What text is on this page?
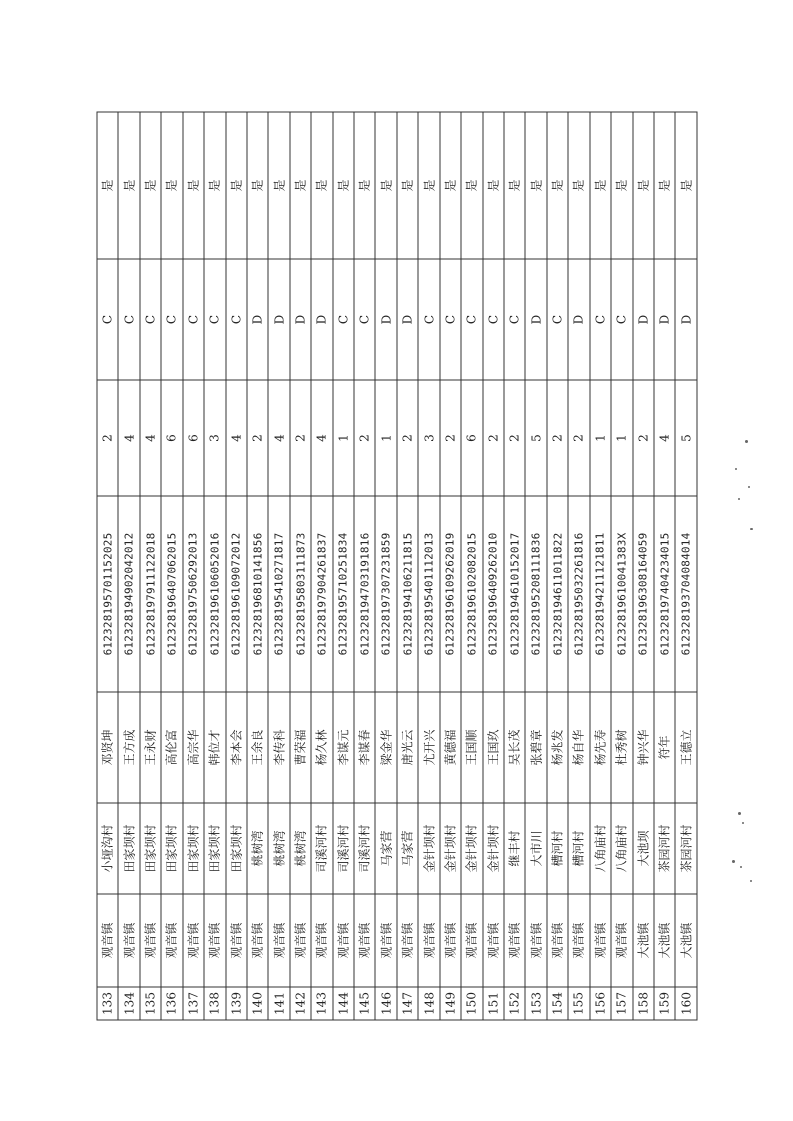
133	观音镇	小垭沟村	邓贤坤	612328195701152025	2	C	是
134	观音镇	田家坝村	王方成	612328194902042012	4	C	是
135	观音镇	田家坝村	王永财	612328197911122018	4	C	是
136	观音镇	田家坝村	高伦富	612328196407062015	6	C	是
137	观音镇	田家坝村	高宗华	612328197506292013	6	C	是
138	观音镇	田家坝村	韩位才	612328196106052016	3	C	是
139	观音镇	田家坝村	李本会	612328196109072012	4	C	是
140	观音镇	桃树湾	王余良	612328196810141856	2	D	是
141	观音镇	桃树湾	李传科	612328195410271817	4	D	是
142	观音镇	桃树湾	曹荣福	612328195803111873	2	D	是
143	观音镇	司溪河村	杨久林	612328197904261837	4	D	是
144	观音镇	司溪河村	李谋元	612328195710251834	1	C	是
145	观音镇	司溪河村	李谋春	612328194703191816	2	C	是
146	观音镇	马家营	梁金华	612328197307231859	1	D	是
147	观音镇	马家营	唐光云	612328194106211815	2	D	是
148	观音镇	金针坝村	尤开兴	612328195401112013	3	C	是
149	观音镇	金针坝村	黄德福	612328196109262019	2	C	是
150	观音镇	金针坝村	王国顺	612328196102082015	6	C	是
151	观音镇	金针坝村	王国玖	612328196409262010	2	C	是
152	观音镇	继丰村	吴长茂	612328194610152017	2	C	是
153	观音镇	大市川	张碧章	612328195208111836	5	D	是
154	观音镇	槽河村	杨兆发	612328194611011822	2	C	是
155	观音镇	槽河村	杨自华	612328195032261816	2	D	是
156	观音镇	八角庙村	杨先寿	612328194211121811	1	C	是
157	观音镇	八角庙村	杜秀树	61232819610041383X	1	C	是
158	大池镇	大池坝	钟兴华	612328196308164059	2	D	是
159	大池镇	茶园河村	符年	612328197404234015	4	D	是
160	大池镇	茶园河村	王德立	612328193704084014	5	D	是
